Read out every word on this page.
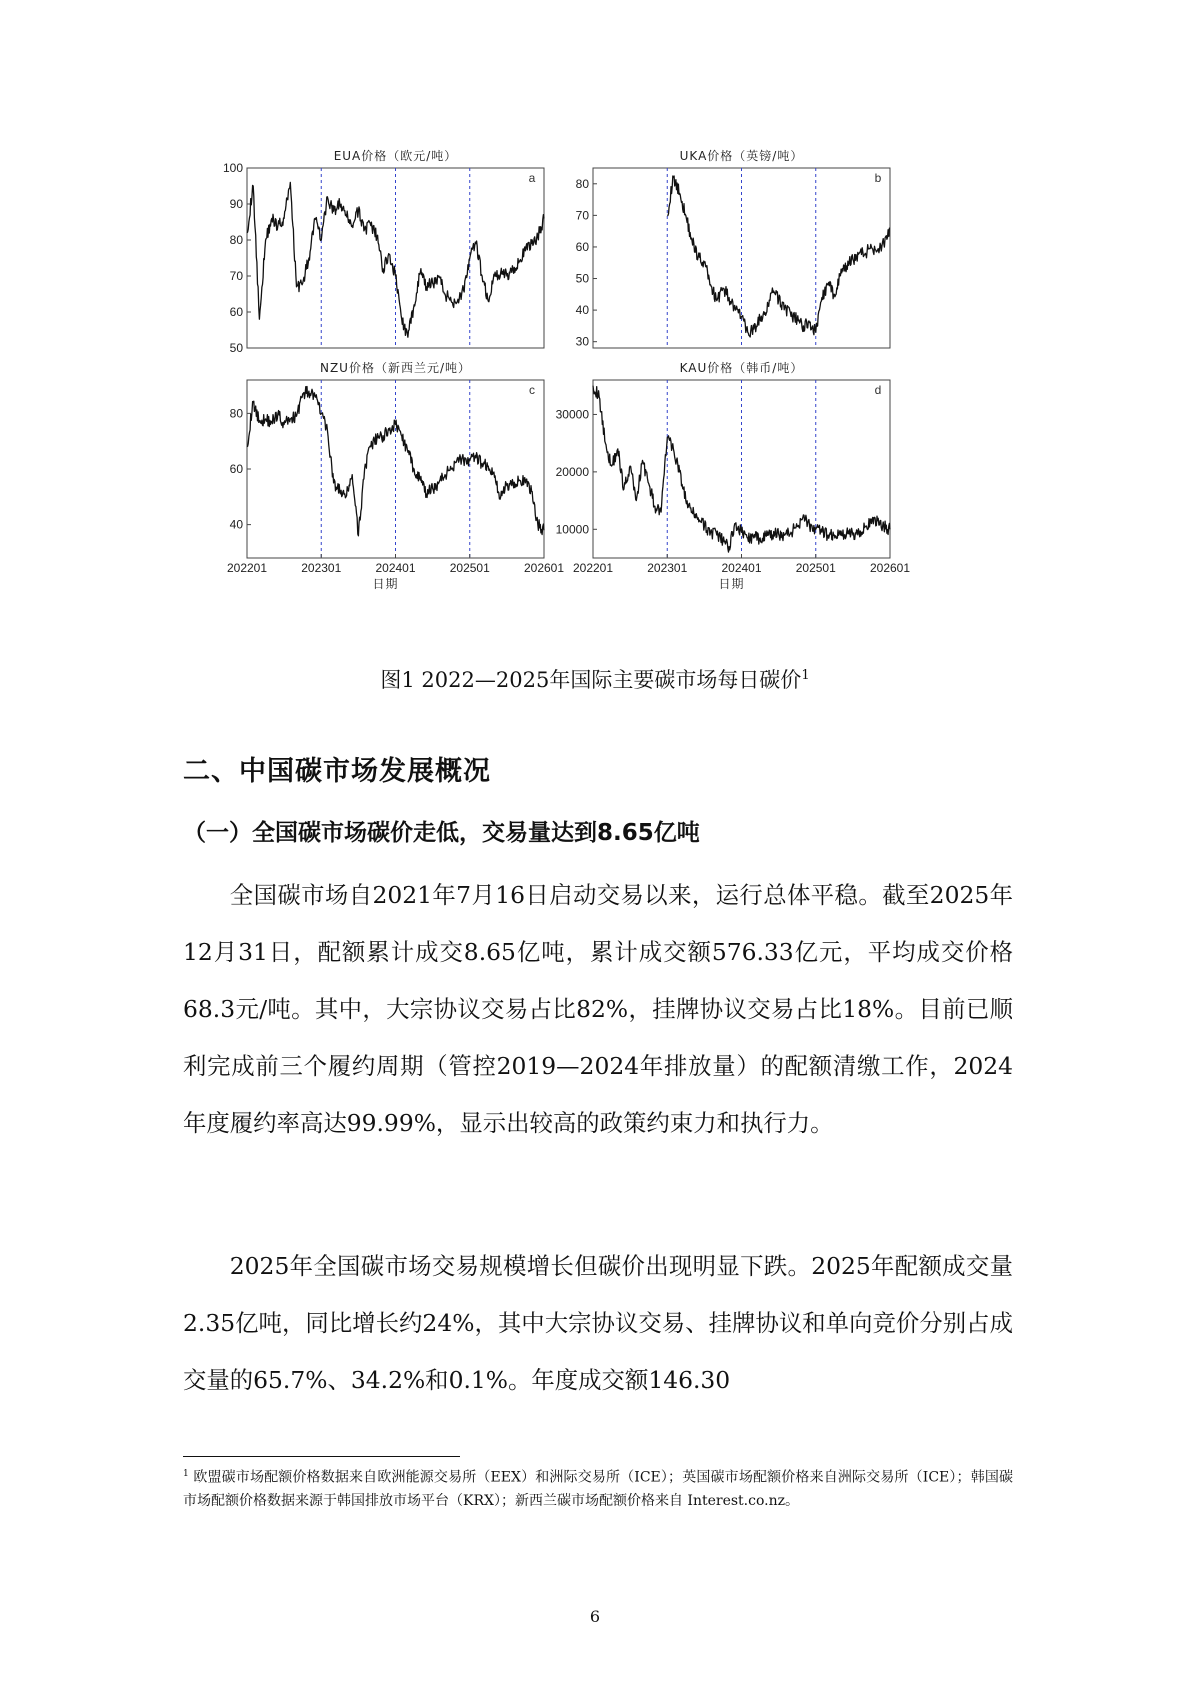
EUA价格（欧元/吨）
a
50
60
70
80
90
100
UKA价格（英镑/吨）
b
30
40
50
60
70
80
NZU价格（新西兰元/吨）
c
40
60
80
KAU价格（韩币/吨）
d
10000
20000
30000
202201	202301	202401	202501	202601
日期
202201	202301	202401	202501	202601
日期
图1 2022—2025年国际主要碳市场每日碳价$^1$
二、中国碳市场发展概况
（一）全国碳市场碳价走低，交易量达到8.65亿吨

全国碳市场自2021年7月16日启动交易以来，运行总体平稳。截至2025年12月31日，配额累计成交8.65亿吨，累计成交额576.33亿元，平均成交价格68.3元/吨。其中，大宗协议交易占比82%，挂牌协议交易占比18%。目前已顺利完成前三个履约周期（管控2019—2024年排放量）的配额清缴工作，2024年度履约率高达99.99%，显示出较高的政策约束力和执行力。

2025年全国碳市场交易规模增长但碳价出现明显下跌。2025年配额成交量2.35亿吨，同比增长约24%，其中大宗协议交易、挂牌协议和单向竞价分别占成交量的65.7%、34.2%和0.1%。年度成交额146.30

$^1$ 欧盟碳市场配额价格数据来自欧洲能源交易所（EEX）和洲际交易所（ICE）；英国碳市场配额价格来自洲际交易所（ICE）；韩国碳市场配额价格数据来源于韩国排放市场平台（KRX）；新西兰碳市场配额价格来自 Interest.co.nz。
6
